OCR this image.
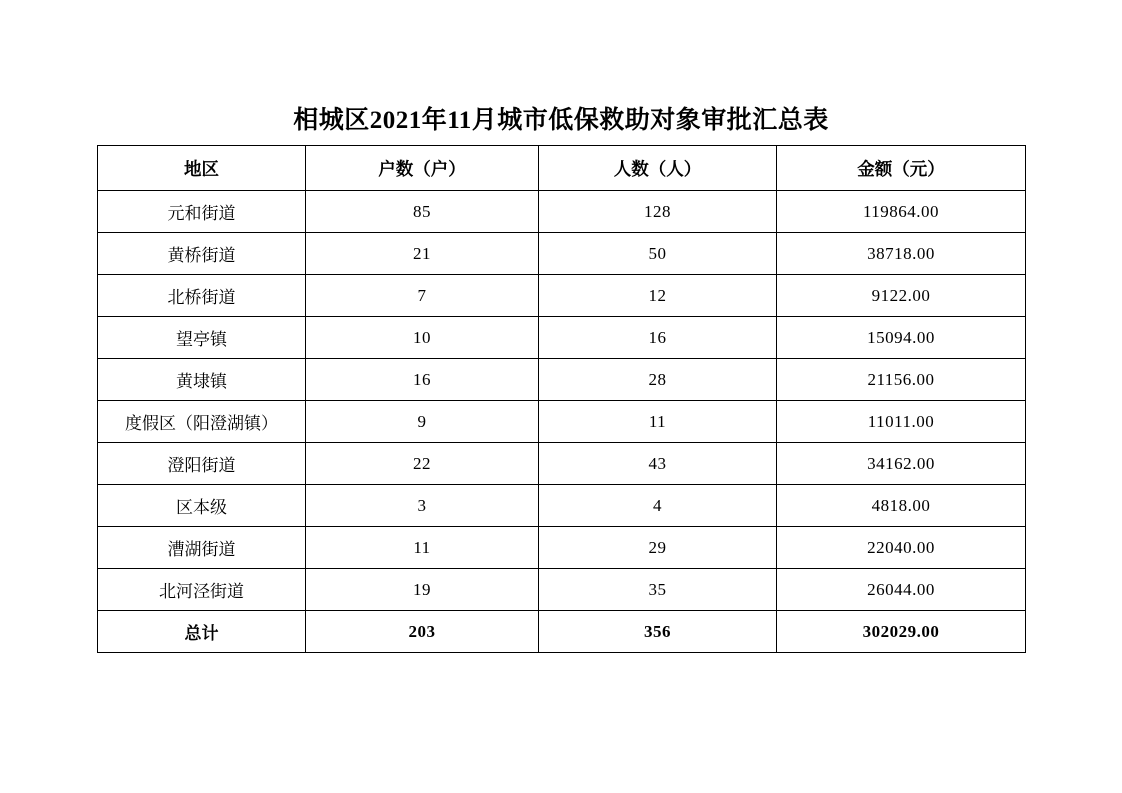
相城区2021年11月城市低保救助对象审批汇总表
地区	户数（户）	人数（人）	金额（元）
元和街道	85	128	119864.00
黄桥街道	21	50	38718.00
北桥街道	7	12	9122.00
望亭镇	10	16	15094.00
黄埭镇	16	28	21156.00
度假区（阳澄湖镇）	9	11	11011.00
澄阳街道	22	43	34162.00
区本级	3	4	4818.00
漕湖街道	11	29	22040.00
北河泾街道	19	35	26044.00
总计	203	356	302029.00
